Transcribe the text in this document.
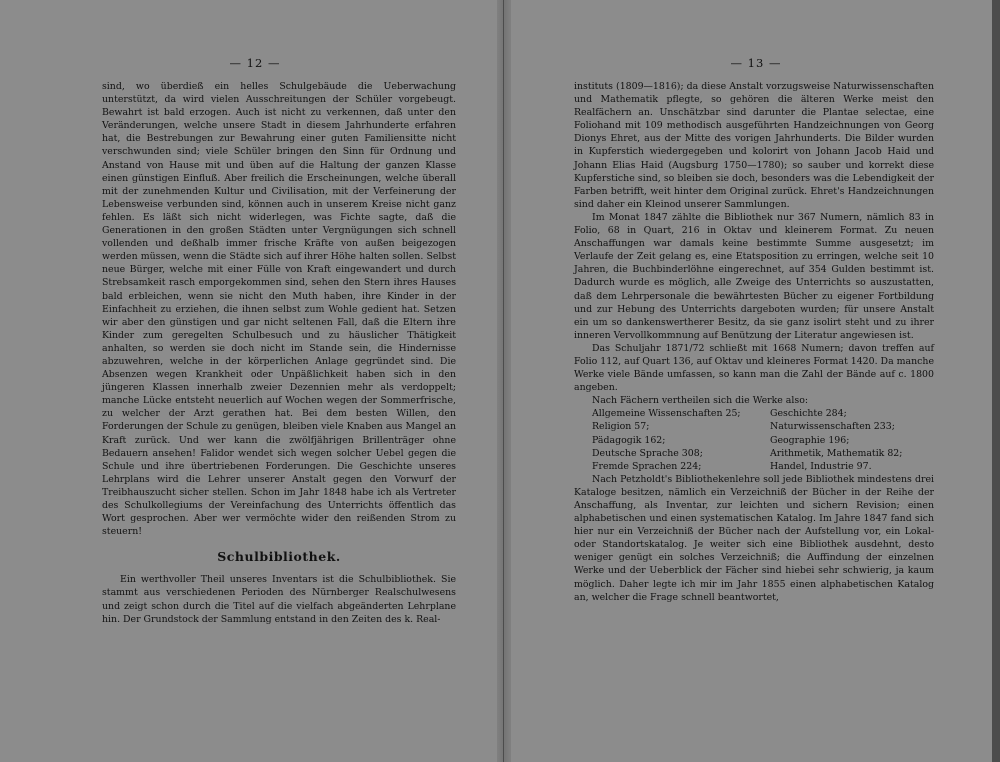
— 12 —

sind, wo überdieß ein helles Schulgebäude die Ueberwachung unterstützt, da wird vielen Ausschreitungen der Schüler vorgebeugt. Bewahrt ist bald erzogen. Auch ist nicht zu verkennen, daß unter den Veränderungen, welche unsere Stadt in diesem Jahrhunderte erfahren hat, die Bestrebungen zur Bewahrung einer guten Familiensitte nicht verschwunden sind; viele Schüler bringen den Sinn für Ordnung und Anstand von Hause mit und üben auf die Haltung der ganzen Klasse einen günstigen Einfluß. Aber freilich die Erscheinungen, welche überall mit der zunehmenden Kultur und Civilisation, mit der Verfeinerung der Lebensweise verbunden sind, können auch in unserem Kreise nicht ganz fehlen. Es läßt sich nicht widerlegen, was Fichte sagte, daß die Generationen in den großen Städten unter Vergnügungen sich schnell vollenden und deßhalb immer frische Kräfte von außen beigezogen werden müssen, wenn die Städte sich auf ihrer Höhe halten sollen. Selbst neue Bürger, welche mit einer Fülle von Kraft eingewandert und durch Strebsamkeit rasch emporgekommen sind, sehen den Stern ihres Hauses bald erbleichen, wenn sie nicht den Muth haben, ihre Kinder in der Einfachheit zu erziehen, die ihnen selbst zum Wohle gedient hat. Setzen wir aber den günstigen und gar nicht seltenen Fall, daß die Eltern ihre Kinder zum geregelten Schulbesuch und zu häuslicher Thätigkeit anhalten, so werden sie doch nicht im Stande sein, die Hindernisse abzuwehren, welche in der körperlichen Anlage gegründet sind. Die Absenzen wegen Krankheit oder Unpäßlichkeit haben sich in den jüngeren Klassen innerhalb zweier Dezennien mehr als verdoppelt; manche Lücke entsteht neuerlich auf Wochen wegen der Sommerfrische, zu welcher der Arzt gerathen hat. Bei dem besten Willen, den Forderungen der Schule zu genügen, bleiben viele Knaben aus Mangel an Kraft zurück. Und wer kann die zwölfjährigen Brillenträger ohne Bedauern ansehen! Falidor wendet sich wegen solcher Uebel gegen die Schule und ihre übertriebenen Forderungen. Die Geschichte unseres Lehrplans wird die Lehrer unserer Anstalt gegen den Vorwurf der Treibhauszucht sicher stellen. Schon im Jahr 1848 habe ich als Vertreter des Schulkollegiums der Vereinfachung des Unterrichts öffentlich das Wort gesprochen. Aber wer vermöchte wider den reißenden Strom zu steuern!

Schulbibliothek.

Ein werthvoller Theil unseres Inventars ist die Schulbibliothek. Sie stammt aus verschiedenen Perioden des Nürnberger Realschulwesens und zeigt schon durch die Titel auf die vielfach abgeänderten Lehrplane hin. Der Grundstock der Sammlung entstand in den Zeiten des k. Real-

— 13 —

instituts (1809—1816); da diese Anstalt vorzugsweise Naturwissenschaften und Mathematik pflegte, so gehören die älteren Werke meist den Realfächern an. Unschätzbar sind darunter die Plantae selectae, eine Foliohand mit 109 methodisch ausgeführten Handzeichnungen von Georg Dionys Ehret, aus der Mitte des vorigen Jahrhunderts. Die Bilder wurden in Kupferstich wiedergegeben und kolorirt von Johann Jacob Haid und Johann Elias Haid (Augsburg 1750—1780); so sauber und korrekt diese Kupferstiche sind, so bleiben sie doch, besonders was die Lebendigkeit der Farben betrifft, weit hinter dem Original zurück. Ehret's Handzeichnungen sind daher ein Kleinod unserer Sammlungen.

Im Monat 1847 zählte die Bibliothek nur 367 Numern, nämlich 83 in Folio, 68 in Quart, 216 in Oktav und kleinerem Format. Zu neuen Anschaffungen war damals keine bestimmte Summe ausgesetzt; im Verlaufe der Zeit gelang es, eine Etatsposition zu erringen, welche seit 10 Jahren, die Buchbinderlöhne eingerechnet, auf 354 Gulden bestimmt ist. Dadurch wurde es möglich, alle Zweige des Unterrichts so auszustatten, daß dem Lehrpersonale die bewährtesten Bücher zu eigener Fortbildung und zur Hebung des Unterrichts dargeboten wurden; für unsere Anstalt ein um so dankenswertherer Besitz, da sie ganz isolirt steht und zu ihrer inneren Vervollkommnung auf Benützung der Literatur angewiesen ist.

Das Schuljahr 1871/72 schließt mit 1668 Numern; davon treffen auf Folio 112, auf Quart 136, auf Oktav und kleineres Format 1420. Da manche Werke viele Bände umfassen, so kann man die Zahl der Bände auf c. 1800 angeben.

Nach Fächern vertheilen sich die Werke also:

Allgemeine Wissenschaften 25;	Geschichte 284;
Religion 57;	Naturwissenschaften 233;
Pädagogik 162;	Geographie 196;
Deutsche Sprache 308;	Arithmetik, Mathematik 82;
Fremde Sprachen 224;	Handel, Industrie 97.

Nach Petzholdt's Bibliothekenlehre soll jede Bibliothek mindestens drei Kataloge besitzen, nämlich ein Verzeichniß der Bücher in der Reihe der Anschaffung, als Inventar, zur leichten und sichern Revision; einen alphabetischen und einen systematischen Katalog. Im Jahre 1847 fand sich hier nur ein Verzeichniß der Bücher nach der Aufstellung vor, ein Lokal- oder Standortskatalog. Je weiter sich eine Bibliothek ausdehnt, desto weniger genügt ein solches Verzeichniß; die Auffindung der einzelnen Werke und der Ueberblick der Fächer sind hiebei sehr schwierig, ja kaum möglich. Daher legte ich mir im Jahr 1855 einen alphabetischen Katalog an, welcher die Frage schnell beantwortet,
